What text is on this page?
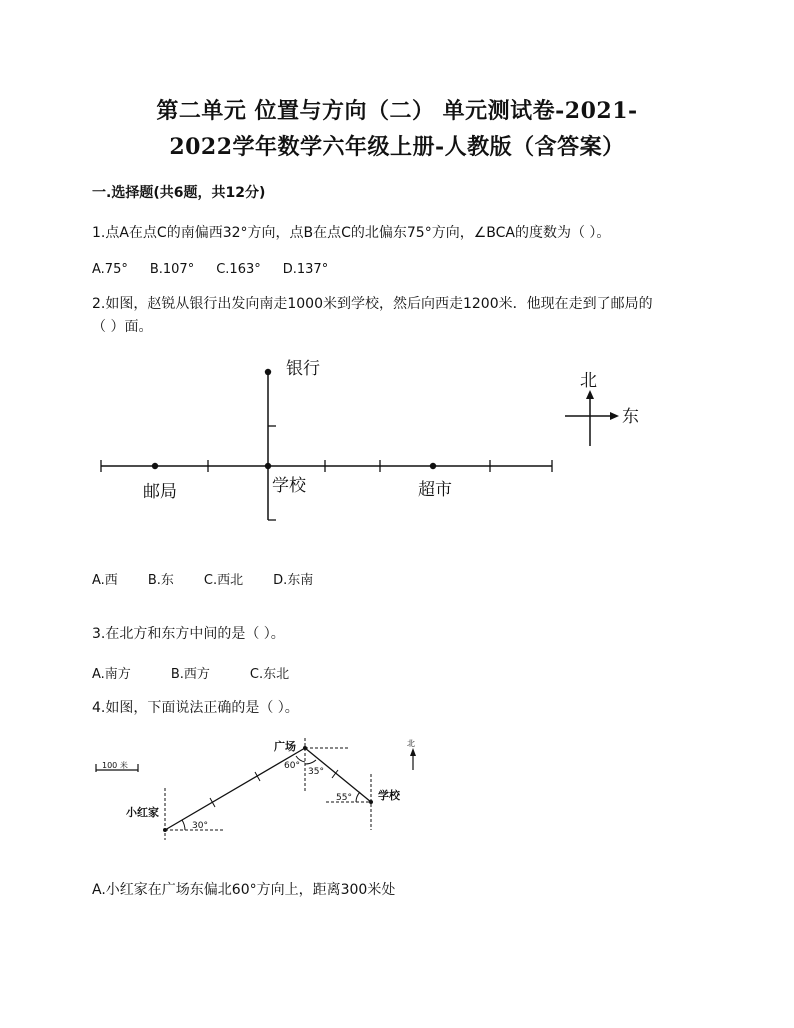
第二单元 位置与方向（二） 单元测试卷-2021-
2022学年数学六年级上册-人教版（含答案）
一.选择题(共6题，共12分)
1.点A在点C的南偏西32°方向，点B在点C的北偏东75°方向，∠BCA的度数为（ ）。
A.75° B.107° C.163° D.137°
2.如图，赵锐从银行出发向南走1000米到学校，然后向西走1200米．他现在走到了邮局的
（ ）面。
银行
邮局	学校	超市
北
东
A.西 B.东 C.西北 D.东南
3.在北方和东方中间的是（ ）。
A.南方	B.西方	C.东北
4.如图，下面说法正确的是（ ）。
100 米
广场
小红家
学校
60°
35°
55°
30°
北
A.小红家在广场东偏北60°方向上，距离300米处
